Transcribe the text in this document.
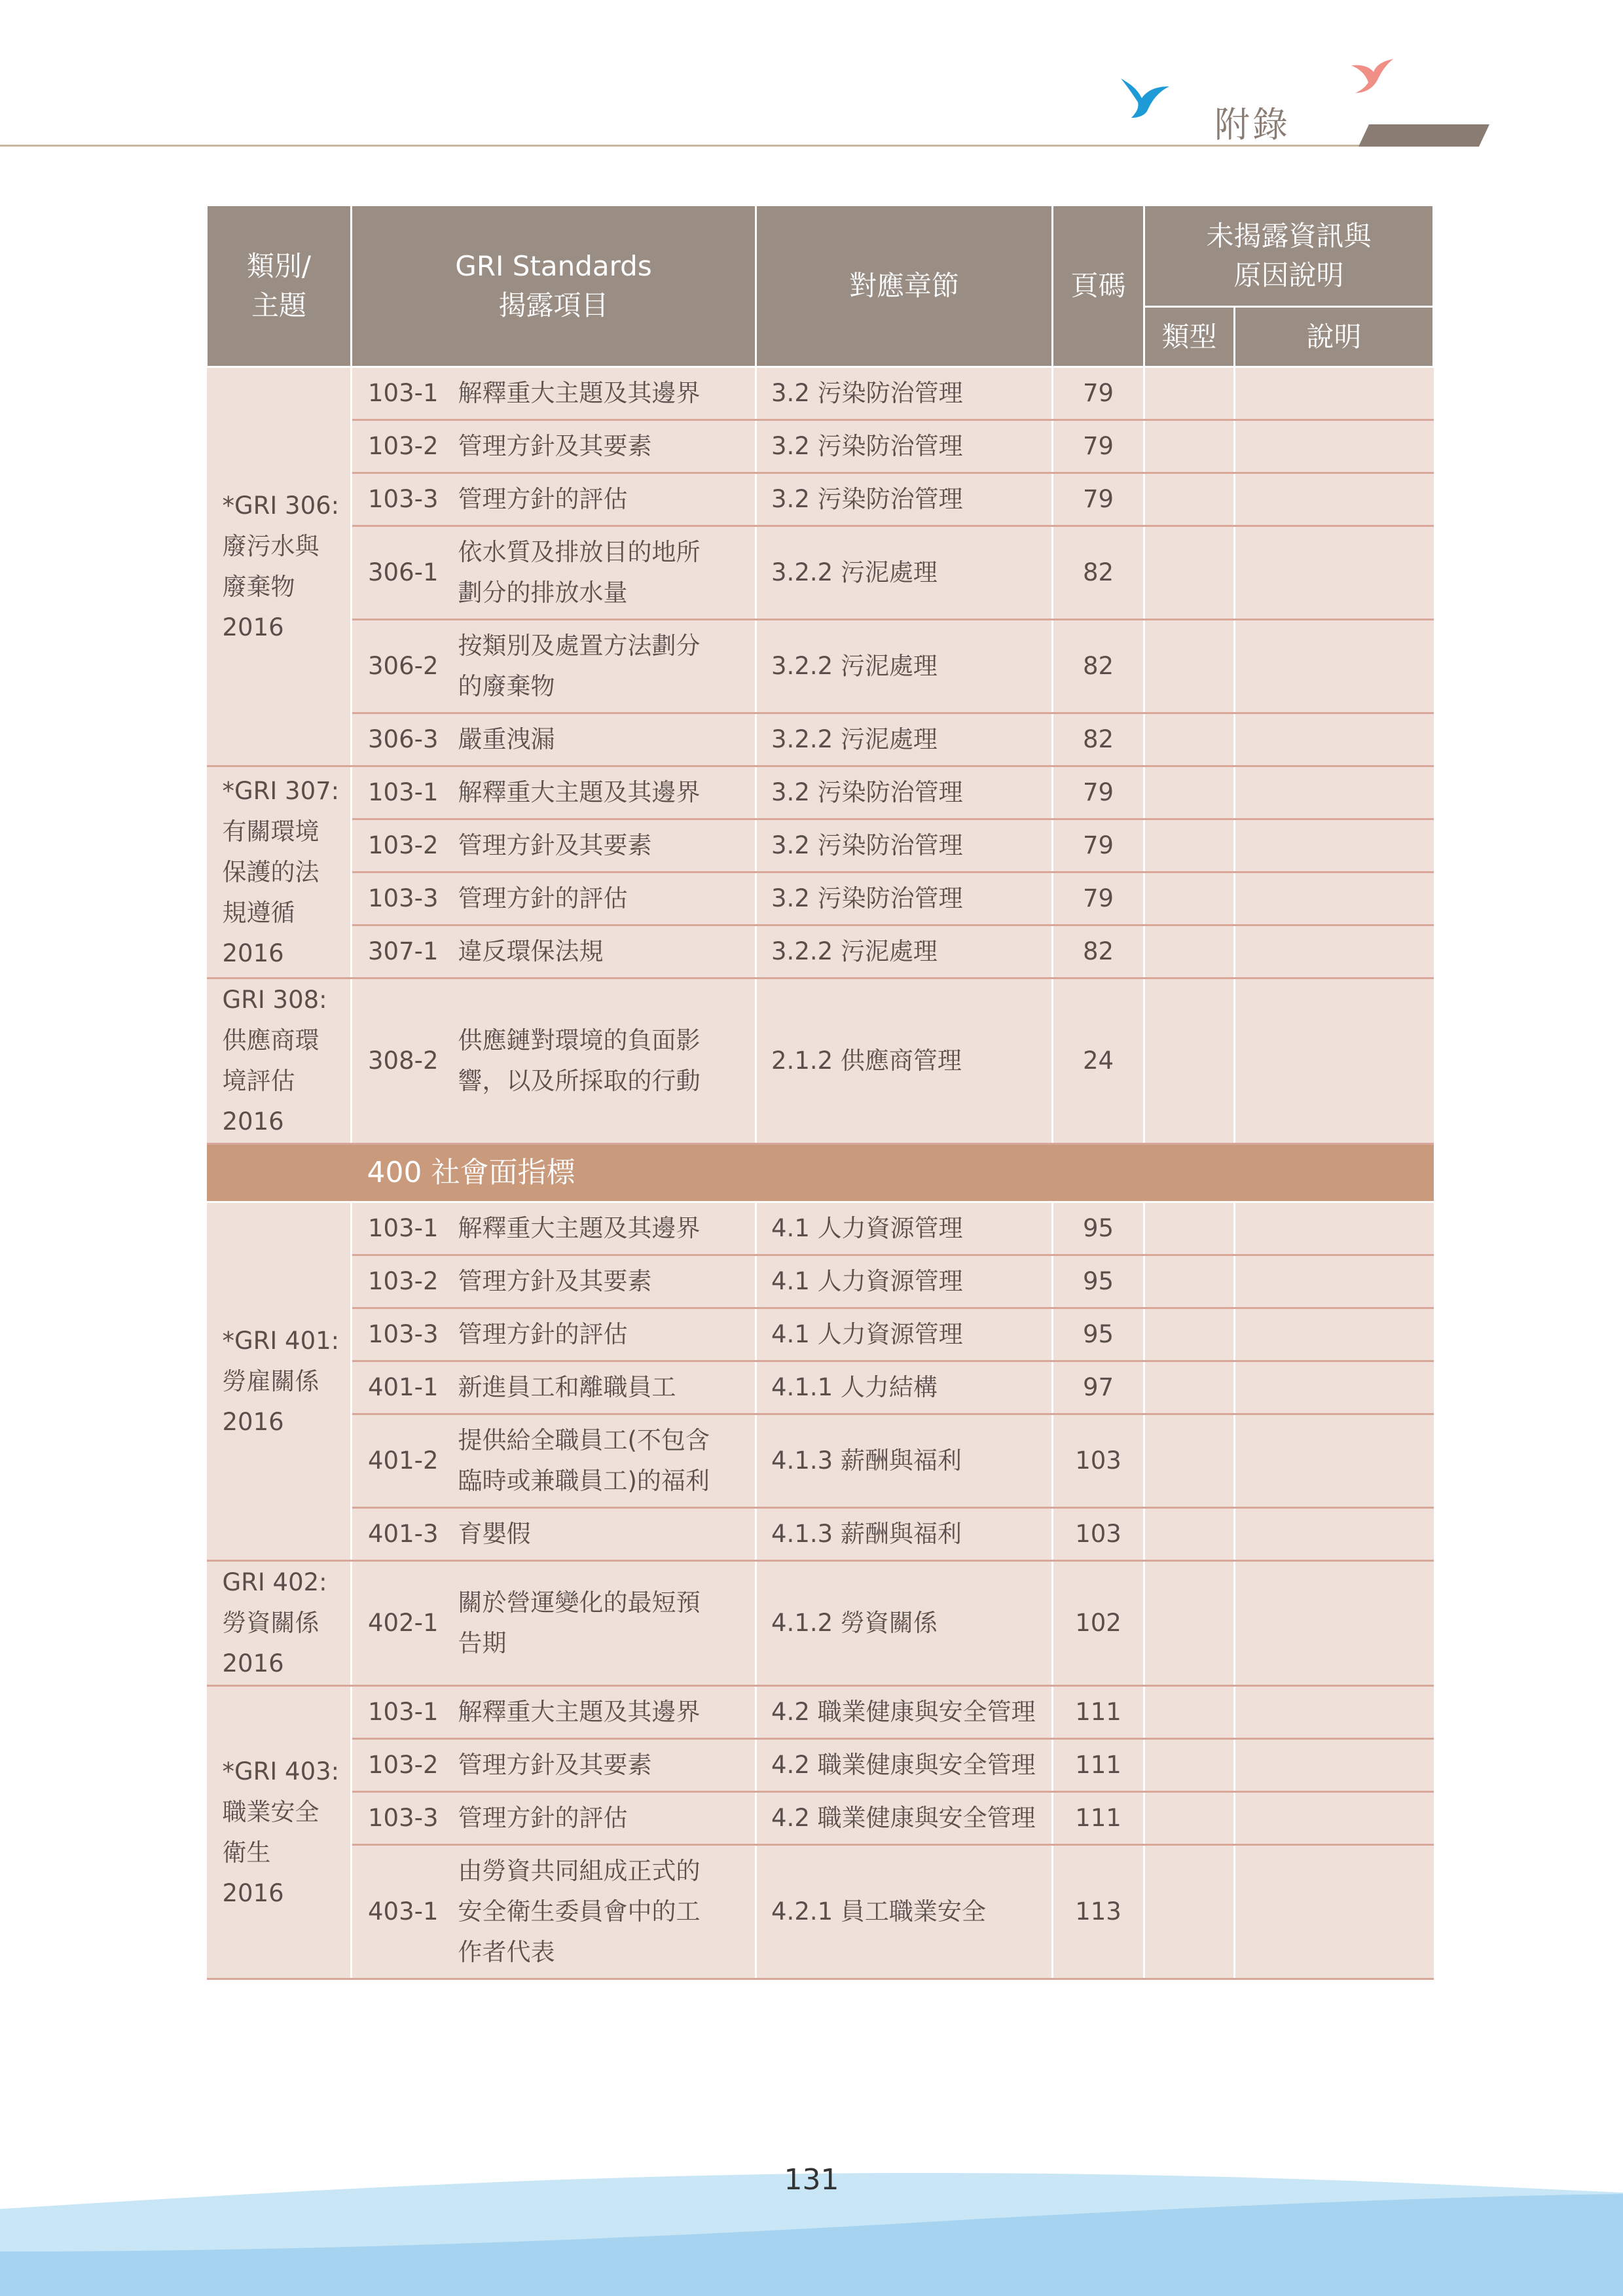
附錄
類別/
主題	GRI Standards
揭露項目		對應章節	頁碼	未揭露資訊與
原因說明	
					類型	說明
*GRI 306:
廢污水與
廢棄物
2016	103-1	解釋重大主題及其邊界	3.2 污染防治管理	79		
	103-2	管理方針及其要素	3.2 污染防治管理	79		
	103-3	管理方針的評估	3.2 污染防治管理	79		
	306-1	依水質及排放目的地所
劃分的排放水量	3.2.2 污泥處理	82		
	306-2	按類別及處置方法劃分
的廢棄物	3.2.2 污泥處理	82		
	306-3	嚴重洩漏	3.2.2 污泥處理	82		
*GRI 307:
有關環境
保護的法
規遵循
2016	103-1	解釋重大主題及其邊界	3.2 污染防治管理	79		
	103-2	管理方針及其要素	3.2 污染防治管理	79		
	103-3	管理方針的評估	3.2 污染防治管理	79		
	307-1	違反環保法規	3.2.2 污泥處理	82		
GRI 308:
供應商環
境評估
2016	308-2	供應鏈對環境的負面影
響，以及所採取的行動	2.1.2 供應商管理	24		
	400 社會面指標					
*GRI 401:
勞雇關係
2016	103-1	解釋重大主題及其邊界	4.1 人力資源管理	95		
	103-2	管理方針及其要素	4.1 人力資源管理	95		
	103-3	管理方針的評估	4.1 人力資源管理	95		
	401-1	新進員工和離職員工	4.1.1 人力結構	97		
	401-2	提供給全職員工(不包含
臨時或兼職員工)的福利	4.1.3 薪酬與福利	103		
	401-3	育嬰假	4.1.3 薪酬與福利	103		
GRI 402:
勞資關係
2016	402-1	關於營運變化的最短預
告期	4.1.2 勞資關係	102		
*GRI 403:
職業安全
衛生
2016	103-1	解釋重大主題及其邊界	4.2 職業健康與安全管理	111		
	103-2	管理方針及其要素	4.2 職業健康與安全管理	111		
	103-3	管理方針的評估	4.2 職業健康與安全管理	111		
	403-1	由勞資共同組成正式的
安全衛生委員會中的工
作者代表	4.2.1 員工職業安全	113		
131
